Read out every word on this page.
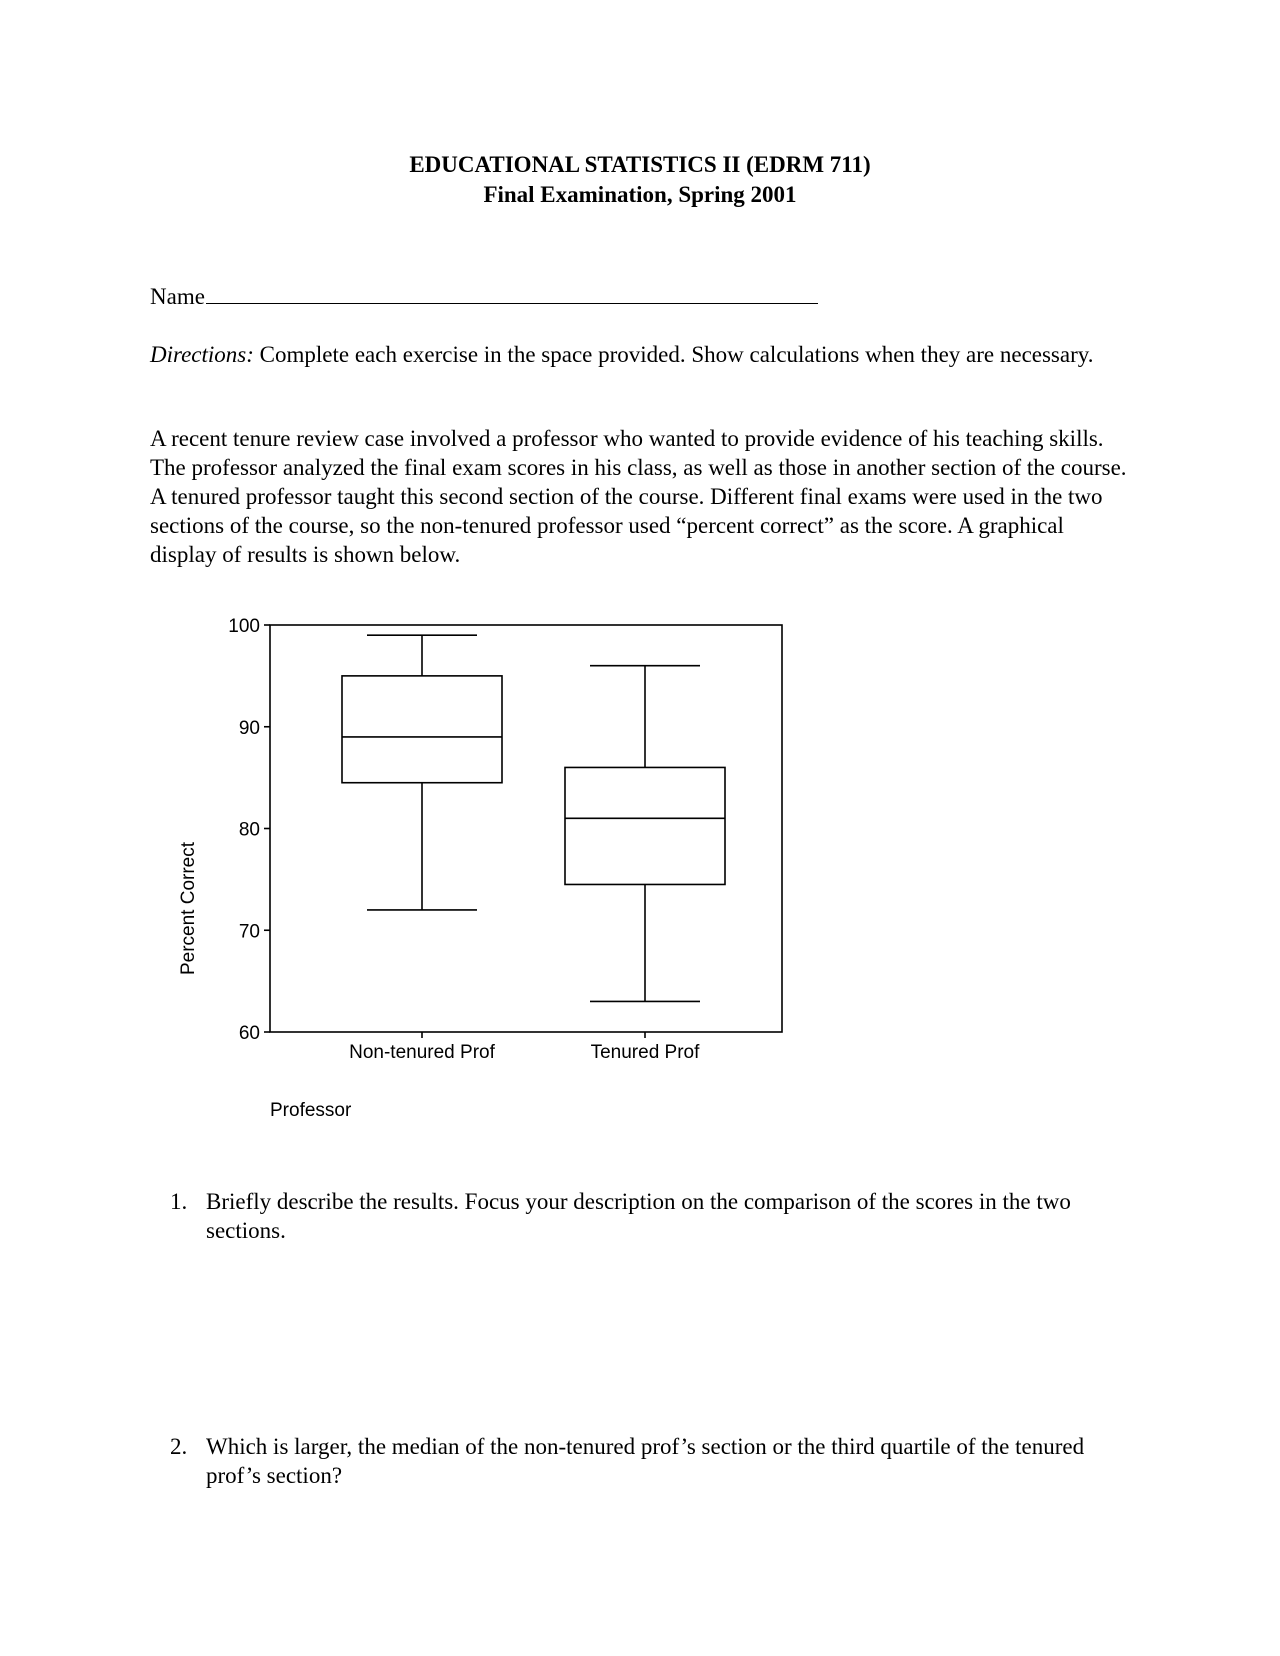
EDUCATIONAL STATISTICS II (EDRM 711)
Final Examination, Spring 2001
Name
Directions: Complete each exercise in the space provided. Show calculations when they are necessary.
A recent tenure review case involved a professor who wanted to provide evidence of his teaching skills. The professor analyzed the final exam scores in his class, as well as those in another section of the course. A tenured professor taught this second section of the course. Different final exams were used in the two sections of the course, so the non-tenured professor used “percent correct” as the score. A graphical display of results is shown below.
60
70
80
90
100
Percent Correct
Non-tenured Prof	Tenured Prof
Professor
1. Briefly describe the results. Focus your description on the comparison of the scores in the two sections.
2. Which is larger, the median of the non-tenured prof’s section or the third quartile of the tenured prof’s section?
